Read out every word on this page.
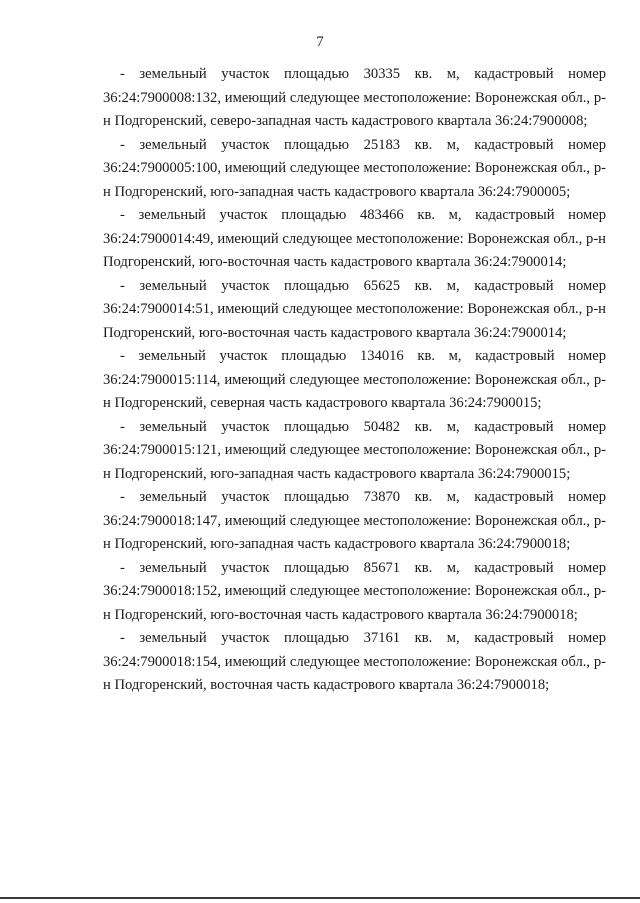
7

- земельный участок площадью 30335 кв. м, кадастровый номер 36:24:7900008:132, имеющий следующее местоположение: Воронежская обл., р-н Подгоренский, северо-западная часть кадастрового квартала 36:24:7900008;

- земельный участок площадью 25183 кв. м, кадастровый номер 36:24:7900005:100, имеющий следующее местоположение: Воронежская обл., р-н Подгоренский, юго-западная часть кадастрового квартала 36:24:7900005;

- земельный участок площадью 483466 кв. м, кадастровый номер 36:24:7900014:49, имеющий следующее местоположение: Воронежская обл., р-н Подгоренский, юго-восточная часть кадастрового квартала 36:24:7900014;

- земельный участок площадью 65625 кв. м, кадастровый номер 36:24:7900014:51, имеющий следующее местоположение: Воронежская обл., р-н Подгоренский, юго-восточная часть кадастрового квартала 36:24:7900014;

- земельный участок площадью 134016 кв. м, кадастровый номер 36:24:7900015:114, имеющий следующее местоположение: Воронежская обл., р-н Подгоренский, северная часть кадастрового квартала 36:24:7900015;

- земельный участок площадью 50482 кв. м, кадастровый номер 36:24:7900015:121, имеющий следующее местоположение: Воронежская обл., р-н Подгоренский, юго-западная часть кадастрового квартала 36:24:7900015;

- земельный участок площадью 73870 кв. м, кадастровый номер 36:24:7900018:147, имеющий следующее местоположение: Воронежская обл., р-н Подгоренский, юго-западная часть кадастрового квартала 36:24:7900018;

- земельный участок площадью 85671 кв. м, кадастровый номер 36:24:7900018:152, имеющий следующее местоположение: Воронежская обл., р-н Подгоренский, юго-восточная часть кадастрового квартала 36:24:7900018;

- земельный участок площадью 37161 кв. м, кадастровый номер 36:24:7900018:154, имеющий следующее местоположение: Воронежская обл., р-н Подгоренский, восточная часть кадастрового квартала 36:24:7900018;
